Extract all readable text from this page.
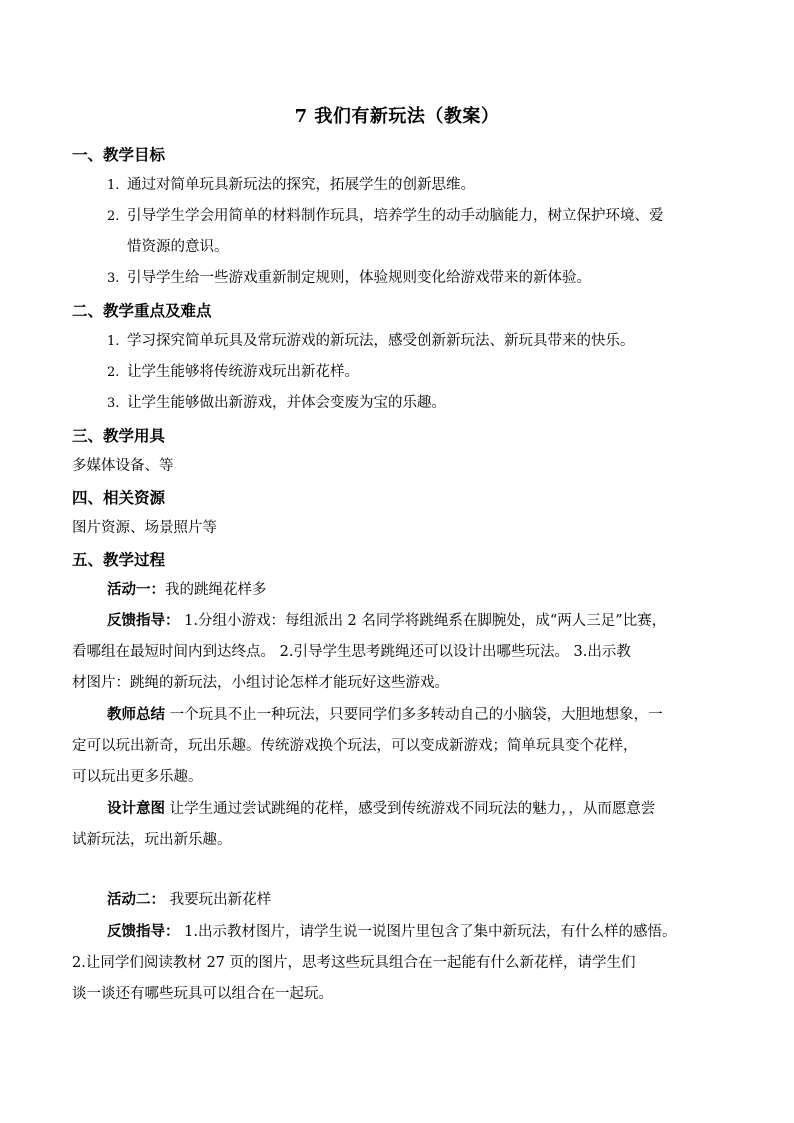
7 我们有新玩法（教案）
一、教学目标
1. 通过对简单玩具新玩法的探究，拓展学生的创新思维。
2. 引导学生学会用简单的材料制作玩具，培养学生的动手动脑能力，树立保护环境、爱
惜资源的意识。
3. 引导学生给一些游戏重新制定规则，体验规则变化给游戏带来的新体验。
二、教学重点及难点
1. 学习探究简单玩具及常玩游戏的新玩法，感受创新新玩法、新玩具带来的快乐。
2. 让学生能够将传统游戏玩出新花样。
3. 让学生能够做出新游戏，并体会变废为宝的乐趣。
三、教学用具
多媒体设备、等
四、相关资源
图片资源、场景照片等
五、教学过程
活动一：我的跳绳花样多
反馈指导： 1.分组小游戏：每组派出 2 名同学将跳绳系在脚腕处，成“两人三足”比赛，
看哪组在最短时间内到达终点。 2.引导学生思考跳绳还可以设计出哪些玩法。 3.出示教
材图片：跳绳的新玩法，小组讨论怎样才能玩好这些游戏。
教师总结 一个玩具不止一种玩法，只要同学们多多转动自己的小脑袋，大胆地想象，一
定可以玩出新奇，玩出乐趣。传统游戏换个玩法，可以变成新游戏；简单玩具变个花样，
可以玩出更多乐趣。
设计意图 让学生通过尝试跳绳的花样，感受到传统游戏不同玩法的魅力，，从而愿意尝
试新玩法，玩出新乐趣。
活动二： 我要玩出新花样
反馈指导： 1.出示教材图片，请学生说一说图片里包含了集中新玩法，有什么样的感悟。
2.让同学们阅读教材 27 页的图片，思考这些玩具组合在一起能有什么新花样，请学生们
谈一谈还有哪些玩具可以组合在一起玩。
